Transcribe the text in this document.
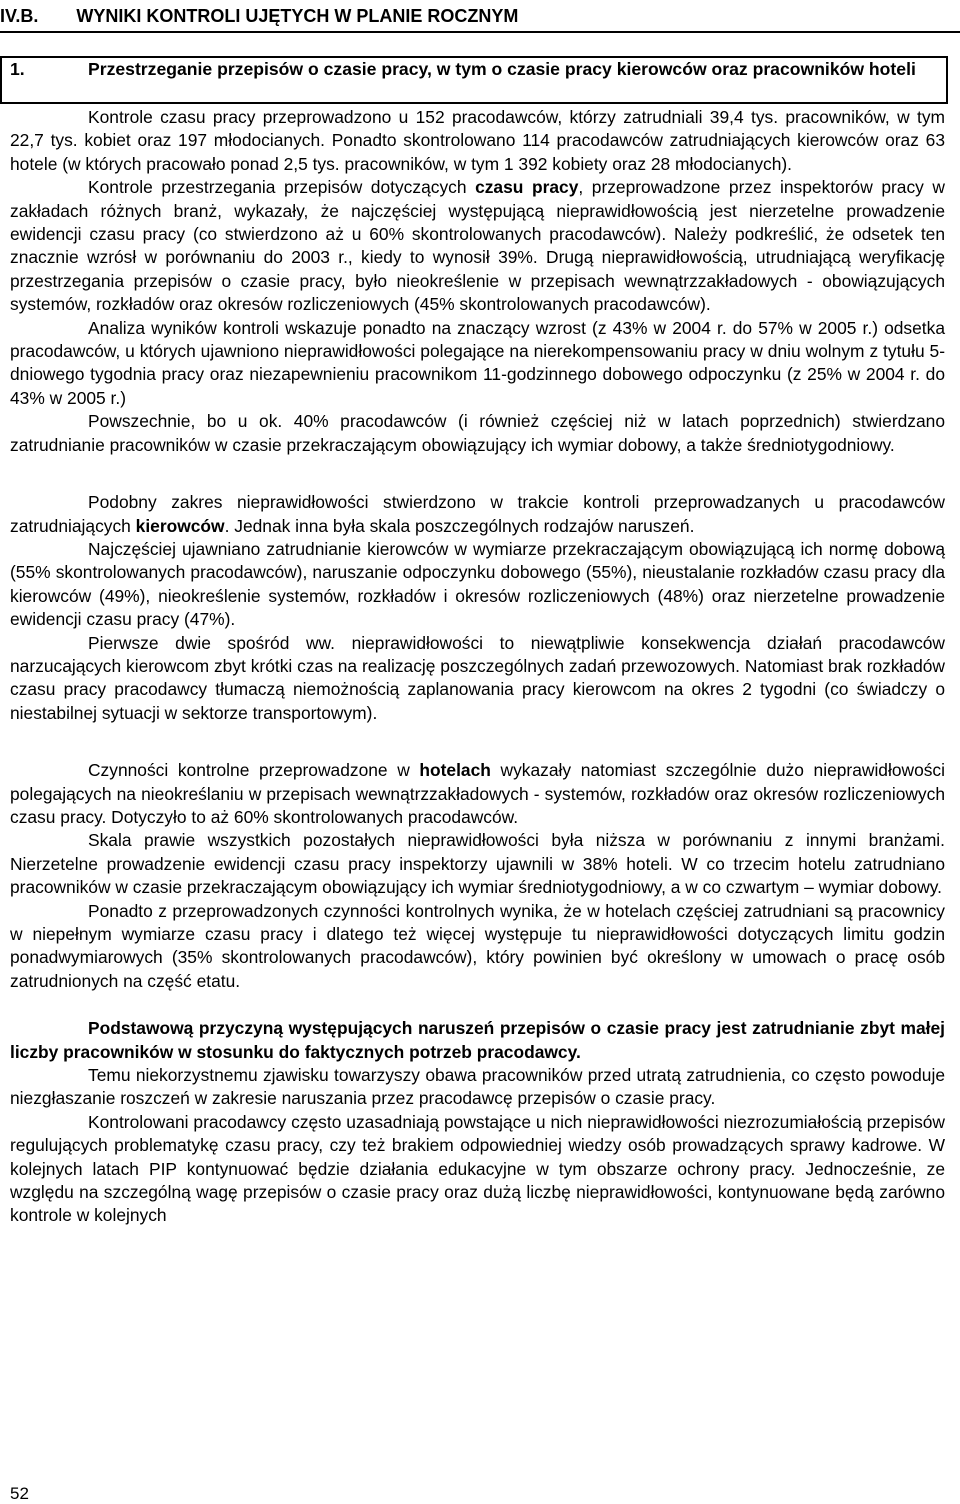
IV.B. WYNIKI KONTROLI UJĘTYCH W PLANIE ROCZNYM
1.	Przestrzeganie przepisów o czasie pracy, w tym o czasie pracy kierowców oraz pracowników hoteli

Kontrole czasu pracy przeprowadzono u 152 pracodawców, którzy zatrudniali 39,4 tys. pracowników, w tym 22,7 tys. kobiet oraz 197 młodocianych. Ponadto skontrolowano 114 pracodawców zatrudniających kierowców oraz 63 hotele (w których pracowało ponad 2,5 tys. pracowników, w tym 1 392 kobiety oraz 28 młodocianych).

Kontrole przestrzegania przepisów dotyczących czasu pracy, przeprowadzone przez inspektorów pracy w zakładach różnych branż, wykazały, że najczęściej występującą nieprawidłowością jest nierzetelne prowadzenie ewidencji czasu pracy (co stwierdzono aż u 60% skontrolowanych pracodawców). Należy podkreślić, że odsetek ten znacznie wzrósł w porównaniu do 2003 r., kiedy to wynosił 39%. Drugą nieprawidłowością, utrudniającą weryfikację przestrzegania przepisów o czasie pracy, było nieokreślenie w przepisach wewnątrzzakładowych - obowiązujących systemów, rozkładów oraz okresów rozliczeniowych (45% skontrolowanych pracodawców).

Analiza wyników kontroli wskazuje ponadto na znaczący wzrost (z 43% w 2004 r. do 57% w 2005 r.) odsetka pracodawców, u których ujawniono nieprawidłowości polegające na nierekompensowaniu pracy w dniu wolnym z tytułu 5-dniowego tygodnia pracy oraz niezapewnieniu pracownikom 11-godzinnego dobowego odpoczynku (z 25% w 2004 r. do 43% w 2005 r.)

Powszechnie, bo u ok. 40% pracodawców (i również częściej niż w latach poprzednich) stwierdzano zatrudnianie pracowników w czasie przekraczającym obowiązujący ich wymiar dobowy, a także średniotygodniowy.

Podobny zakres nieprawidłowości stwierdzono w trakcie kontroli przeprowadzanych u pracodawców zatrudniających kierowców. Jednak inna była skala poszczególnych rodzajów naruszeń.

Najczęściej ujawniano zatrudnianie kierowców w wymiarze przekraczającym obowiązującą ich normę dobową (55% skontrolowanych pracodawców), naruszanie odpoczynku dobowego (55%), nieustalanie rozkładów czasu pracy dla kierowców (49%), nieokreślenie systemów, rozkładów i okresów rozliczeniowych (48%) oraz nierzetelne prowadzenie ewidencji czasu pracy (47%).

Pierwsze dwie spośród ww. nieprawidłowości to niewątpliwie konsekwencja działań pracodawców narzucających kierowcom zbyt krótki czas na realizację poszczególnych zadań przewozowych. Natomiast brak rozkładów czasu pracy pracodawcy tłumaczą niemożnością zaplanowania pracy kierowcom na okres 2 tygodni (co świadczy o niestabilnej sytuacji w sektorze transportowym).

Czynności kontrolne przeprowadzone w hotelach wykazały natomiast szczególnie dużo nieprawidłowości polegających na nieokreślaniu w przepisach wewnątrzzakładowych - systemów, rozkładów oraz okresów rozliczeniowych czasu pracy. Dotyczyło to aż 60% skontrolowanych pracodawców.

Skala prawie wszystkich pozostałych nieprawidłowości była niższa w porównaniu z innymi branżami. Nierzetelne prowadzenie ewidencji czasu pracy inspektorzy ujawnili w 38% hoteli. W co trzecim hotelu zatrudniano pracowników w czasie przekraczającym obowiązujący ich wymiar średniotygodniowy, a w co czwartym – wymiar dobowy.

Ponadto z przeprowadzonych czynności kontrolnych wynika, że w hotelach częściej zatrudniani są pracownicy w niepełnym wymiarze czasu pracy i dlatego też więcej występuje tu nieprawidłowości dotyczących limitu godzin ponadwymiarowych (35% skontrolowanych pracodawców), który powinien być określony w umowach o pracę osób zatrudnionych na część etatu.

Podstawową przyczyną występujących naruszeń przepisów o czasie pracy jest zatrudnianie zbyt małej liczby pracowników w stosunku do faktycznych potrzeb pracodawcy.

Temu niekorzystnemu zjawisku towarzyszy obawa pracowników przed utratą zatrudnienia, co często powoduje niezgłaszanie roszczeń w zakresie naruszania przez pracodawcę przepisów o czasie pracy.

Kontrolowani pracodawcy często uzasadniają powstające u nich nieprawidłowości niezrozumiałością przepisów regulujących problematykę czasu pracy, czy też brakiem odpowiedniej wiedzy osób prowadzących sprawy kadrowe. W kolejnych latach PIP kontynuować będzie działania edukacyjne w tym obszarze ochrony pracy. Jednocześnie, ze względu na szczególną wagę przepisów o czasie pracy oraz dużą liczbę nieprawidłowości, kontynuowane będą zarówno kontrole w kolejnych

52
